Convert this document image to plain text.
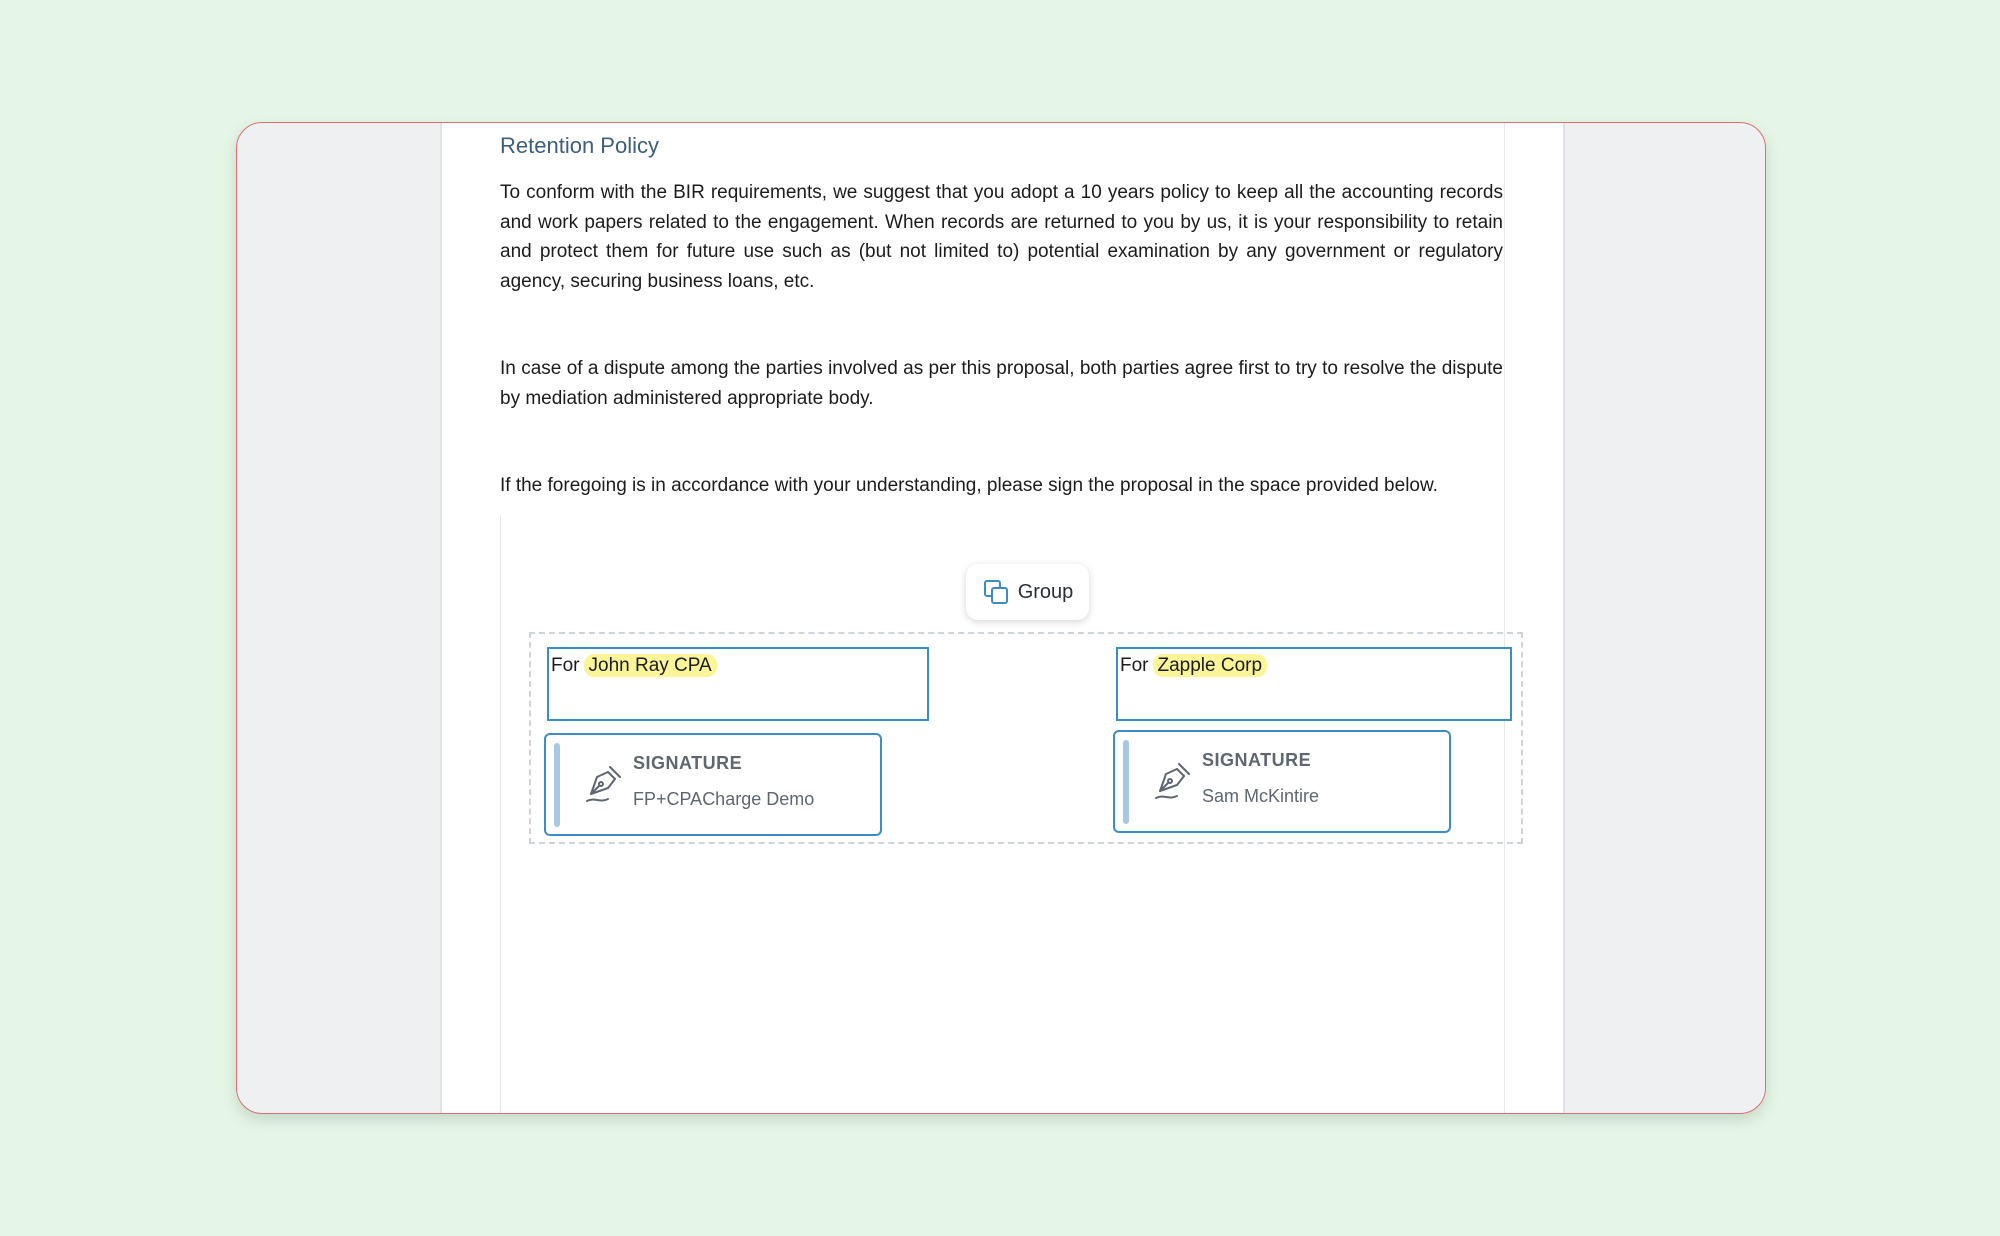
Retention Policy

To conform with the BIR requirements, we suggest that you adopt a 10 years policy to keep all the accounting records and work papers related to the engagement. When records are returned to you by us, it is your responsibility to retain and protect them for future use such as (but not limited to) potential examination by any government or regulatory agency, securing business loans, etc.

In case of a dispute among the parties involved as per this proposal, both parties agree first to try to resolve the dispute by mediation administered appropriate body.

If the foregoing is in accordance with your understanding, please sign the proposal in the space provided below.

Group
For John Ray CPA	For Zapple Corp
SIGNATURE
FP+CPACharge Demo
SIGNATURE
Sam McKintire
